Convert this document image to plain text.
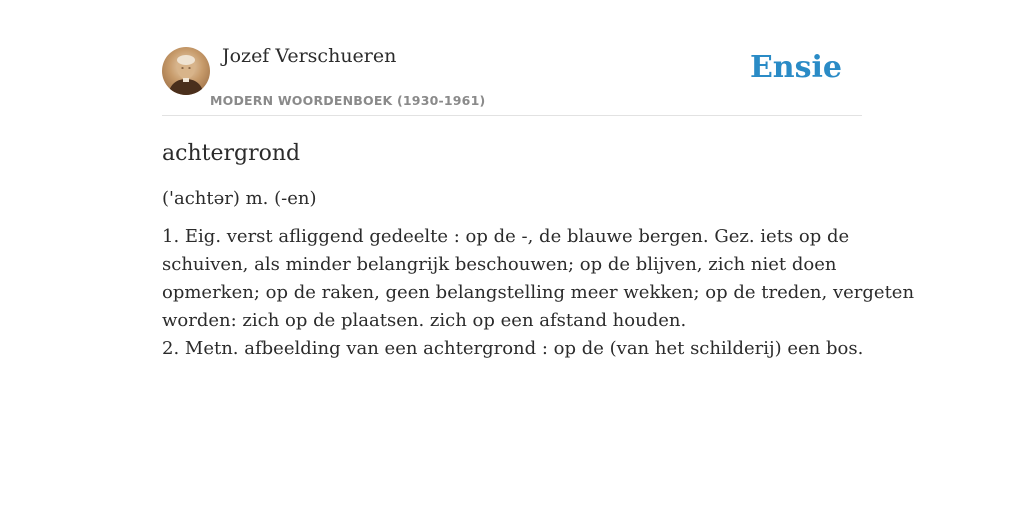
Jozef Verschueren
MODERN WOORDENBOEK (1930-1961)
Ensie
achtergrond
('achtər) m. (-en)

1. Eig. verst afliggend gedeelte : op de -, de blauwe bergen. Gez. iets op de

schuiven, als minder belangrijk beschouwen; op de blijven, zich niet doen

opmerken; op de raken, geen belangstelling meer wekken; op de treden, vergeten

worden: zich op de plaatsen. zich op een afstand houden.

2. Metn. afbeelding van een achtergrond : op de (van het schilderij) een bos.
